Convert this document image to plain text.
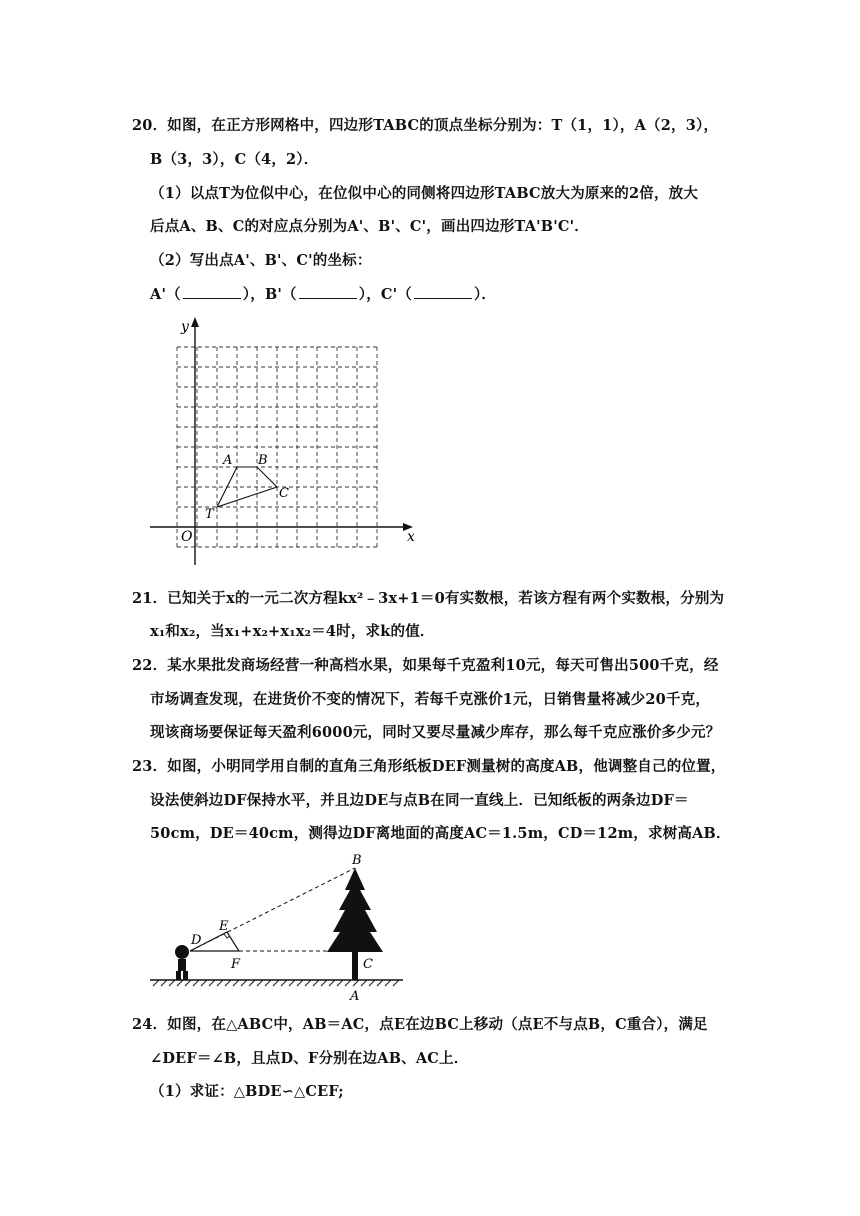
20．如图，在正方形网格中，四边形TABC的顶点坐标分别为：T（1，1），A（2，3），
B（3，3），C（4，2）．
（1）以点T为位似中心，在位似中心的同侧将四边形TABC放大为原来的2倍，放大
后点A、B、C的对应点分别为A'、B'、C'，画出四边形TA'B'C'．
（2）写出点A'、B'、C'的坐标：
A'（	），B'（	），C'（	）．
x
y
O
T
A B
C
21．已知关于x的一元二次方程kx²﹣3x+1＝0有实数根，若该方程有两个实数根，分别为
x₁和x₂，当x₁+x₂+x₁x₂＝4时，求k的值．
22．某水果批发商场经营一种高档水果，如果每千克盈利10元，每天可售出500千克，经
市场调查发现，在进货价不变的情况下，若每千克涨价1元，日销售量将减少20千克，
现该商场要保证每天盈利6000元，同时又要尽量减少库存，那么每千克应涨价多少元？
23．如图，小明同学用自制的直角三角形纸板DEF测量树的高度AB，他调整自己的位置，
设法使斜边DF保持水平，并且边DE与点B在同一直线上．已知纸板的两条边DF＝
50cm，DE＝40cm，测得边DF离地面的高度AC＝1.5m，CD＝12m，求树高AB．
B
E
D
F	C
A
24．如图，在△ABC中，AB＝AC，点E在边BC上移动（点E不与点B，C重合），满足
∠DEF＝∠B，且点D、F分别在边AB、AC上．
（1）求证：△BDE∽△CEF;
